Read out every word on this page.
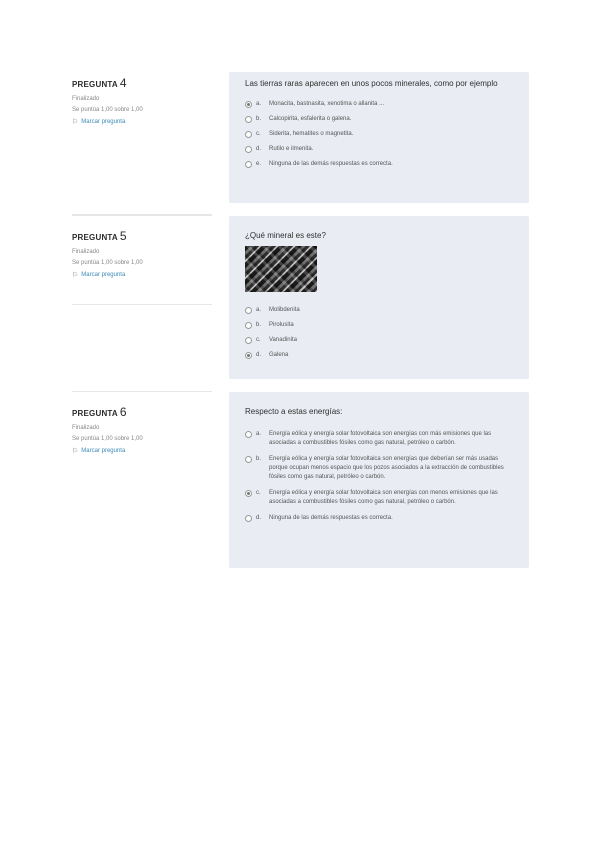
PREGUNTA 4
Finalizado
Se puntúa 1,00 sobre 1,00
⚐ Marcar pregunta
Las tierras raras aparecen en unos pocos minerales, como por ejemplo
a.	Monacita, bastnasita, xenotima o allanita ...
b.	Calcopirita, esfalerita o galena.
c.	Siderita, hematites o magnetita.
d.	Rutilo e ilmenita.
e.	Ninguna de las demás respuestas es correcta.
PREGUNTA 5
Finalizado
Se puntúa 1,00 sobre 1,00
⚐ Marcar pregunta
¿Qué mineral es este?
a.	Molibdenita
b.	Pirolusita
c.	Vanadinita
d.	Galena
PREGUNTA 6
Finalizado
Se puntúa 1,00 sobre 1,00
⚐ Marcar pregunta
Respecto a estas energías:
a.	Energía eólica y energía solar fotovoltaica son energías con más emisiones que las asociadas a combustibles fósiles como gas natural, petróleo o carbón.
b.	Energía eólica y energía solar fotovoltaica son energías que deberían ser más usadas porque ocupan menos espacio que los pozos asociados a la extracción de combustibles fósiles como gas natural, petróleo o carbón.
c.	Energía eólica y energía solar fotovoltaica son energías con menos emisiones que las asociadas a combustibles fósiles como gas natural, petróleo o carbón.
d.	Ninguna de las demás respuestas es correcta.
